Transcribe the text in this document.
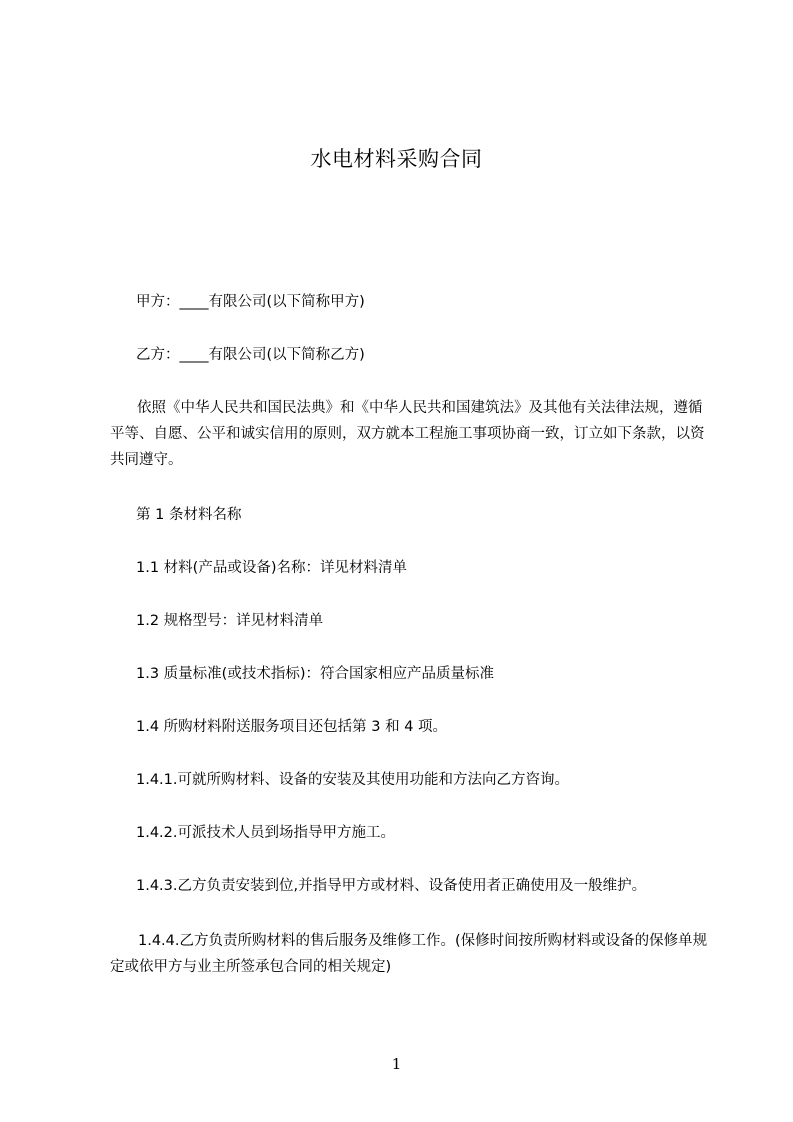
水电材料采购合同
甲方：____有限公司(以下简称甲方)
乙方：____有限公司(以下简称乙方)
依照《中华人民共和国民法典》和《中华人民共和国建筑法》及其他有关法律法规，遵循平等、自愿、公平和诚实信用的原则，双方就本工程施工事项协商一致，订立如下条款，以资共同遵守。
第 1 条材料名称
1.1 材料(产品或设备)名称：详见材料清单
1.2 规格型号：详见材料清单
1.3 质量标准(或技术指标)：符合国家相应产品质量标准
1.4 所购材料附送服务项目还包括第 3 和 4 项。
1.4.1.可就所购材料、设备的安装及其使用功能和方法向乙方咨询。
1.4.2.可派技术人员到场指导甲方施工。
1.4.3.乙方负责安装到位,并指导甲方或材料、设备使用者正确使用及一般维护。
1.4.4.乙方负责所购材料的售后服务及维修工作。(保修时间按所购材料或设备的保修单规定或依甲方与业主所签承包合同的相关规定)
1
